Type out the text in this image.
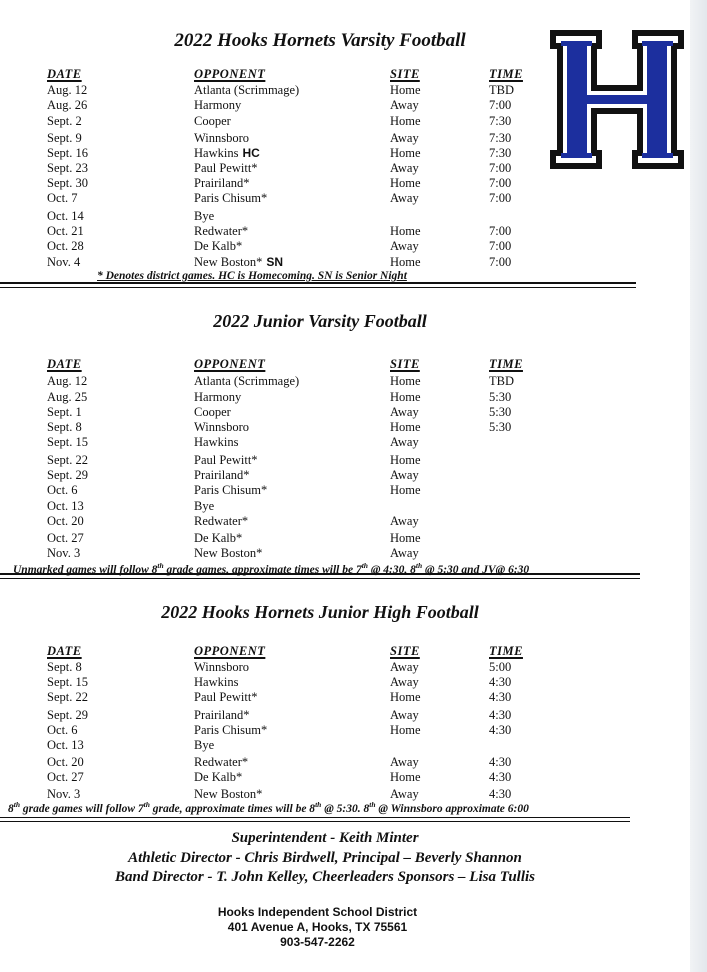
2022 Hooks Hornets Varsity Football
DATE	OPPONENT	SITE	TIME
Aug. 12	Atlanta (Scrimmage)	Home	TBD
Aug. 26	Harmony	Away	7:00
Sept. 2	Cooper	Home	7:30
Sept. 9	Winnsboro	Away	7:30
Sept. 16	Hawkins HC	Home	7:30
Sept. 23	Paul Pewitt*	Away	7:00
Sept. 30	Prairiland*	Home	7:00
Oct. 7	Paris Chisum*	Away	7:00
Oct. 14	Bye
Oct. 21	Redwater*	Home	7:00
Oct. 28	De Kalb*	Away	7:00
Nov. 4	New Boston* SN	Home	7:00
* Denotes district games. HC is Homecoming. SN is Senior Night
2022 Junior Varsity Football
DATE	OPPONENT	SITE	TIME
Aug. 12	Atlanta (Scrimmage)	Home	TBD
Aug. 25	Harmony	Home	5:30
Sept. 1	Cooper	Away	5:30
Sept. 8	Winnsboro	Home	5:30
Sept. 15	Hawkins	Away
Sept. 22	Paul Pewitt*	Home
Sept. 29	Prairiland*	Away
Oct. 6	Paris Chisum*	Home
Oct. 13	Bye
Oct. 20	Redwater*	Away
Oct. 27	De Kalb*	Home
Nov. 3	New Boston*	Away
Unmarked games will follow 8th grade games, approximate times will be 7th @ 4:30, 8th @ 5:30 and JV@ 6:30
2022 Hooks Hornets Junior High Football
DATE	OPPONENT	SITE	TIME
Sept. 8	Winnsboro	Away	5:00
Sept. 15	Hawkins	Away	4:30
Sept. 22	Paul Pewitt*	Home	4:30
Sept. 29	Prairiland*	Away	4:30
Oct. 6	Paris Chisum*	Home	4:30
Oct. 13	Bye
Oct. 20	Redwater*	Away	4:30
Oct. 27	De Kalb*	Home	4:30
Nov. 3	New Boston*	Away	4:30
8th grade games will follow 7th grade, approximate times will be 8th @ 5:30. 8th @ Winnsboro approximate 6:00

Superintendent - Keith Minter

Athletic Director - Chris Birdwell, Principal – Beverly Shannon

Band Director - T. John Kelley, Cheerleaders Sponsors – Lisa Tullis

Hooks Independent School District

401 Avenue A, Hooks, TX 75561

903-547-2262
